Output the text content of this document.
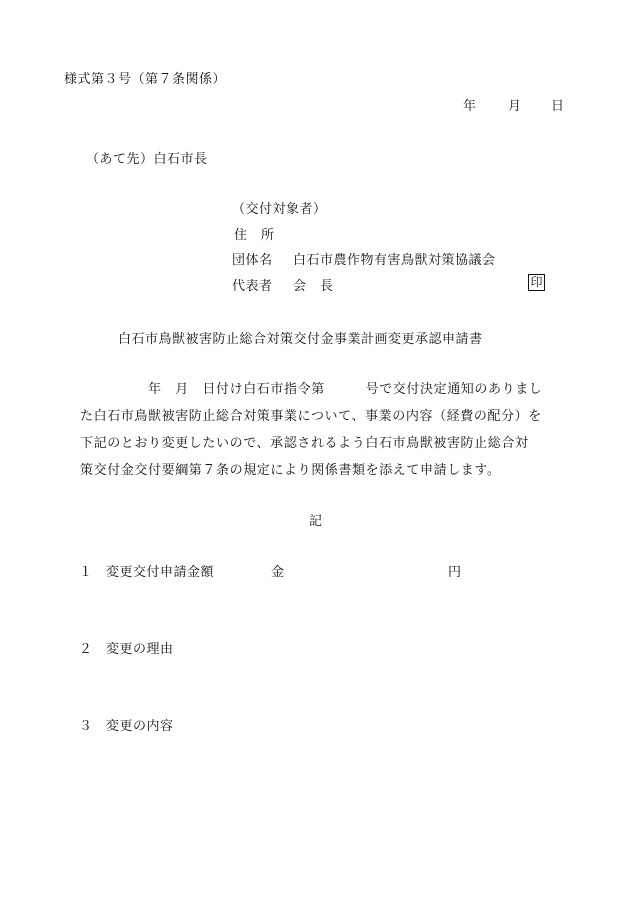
様式第３号（第７条関係）
年 月 日
（あて先）白石市長
（交付対象者）
住　所
団体名 白石市農作物有害鳥獣対策協議会
代表者 会　長	印
白石市鳥獣被害防止総合対策交付金事業計画変更承認申請書
　　　　　年　月　日付け白石市指令第　　　号で交付決定通知のありまし
た白石市鳥獣被害防止総合対策事業について、事業の内容（経費の配分）を
下記のとおり変更したいので、承認されるよう白石市鳥獣被害防止総合対
策交付金交付要綱第７条の規定により関係書類を添えて申請します。
記
１ 変更交付申請金額	金	円
２ 変更の理由
３ 変更の内容
